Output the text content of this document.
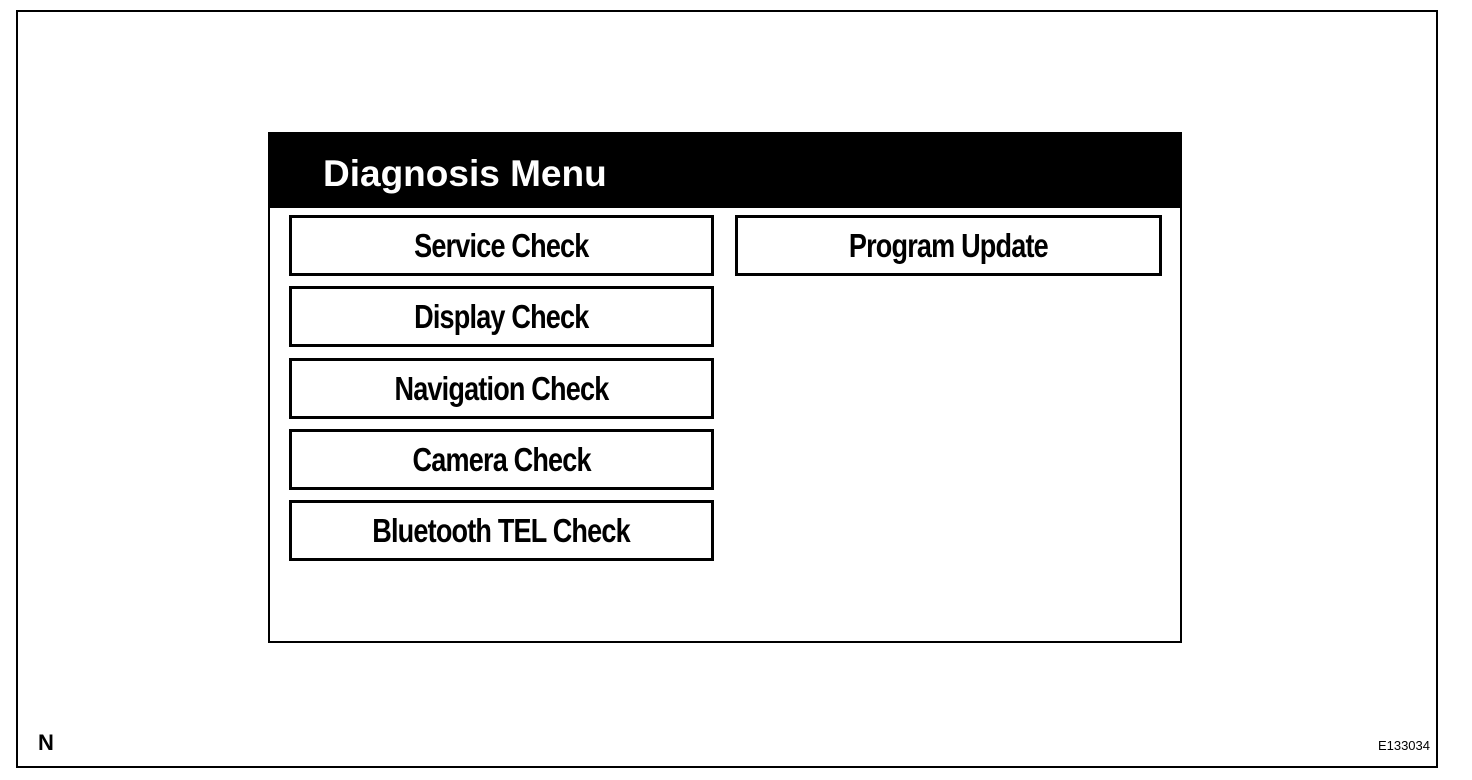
Diagnosis Menu
Service Check	Program Update
Display Check
Navigation Check
Camera Check
Bluetooth TEL Check
N	E133034
